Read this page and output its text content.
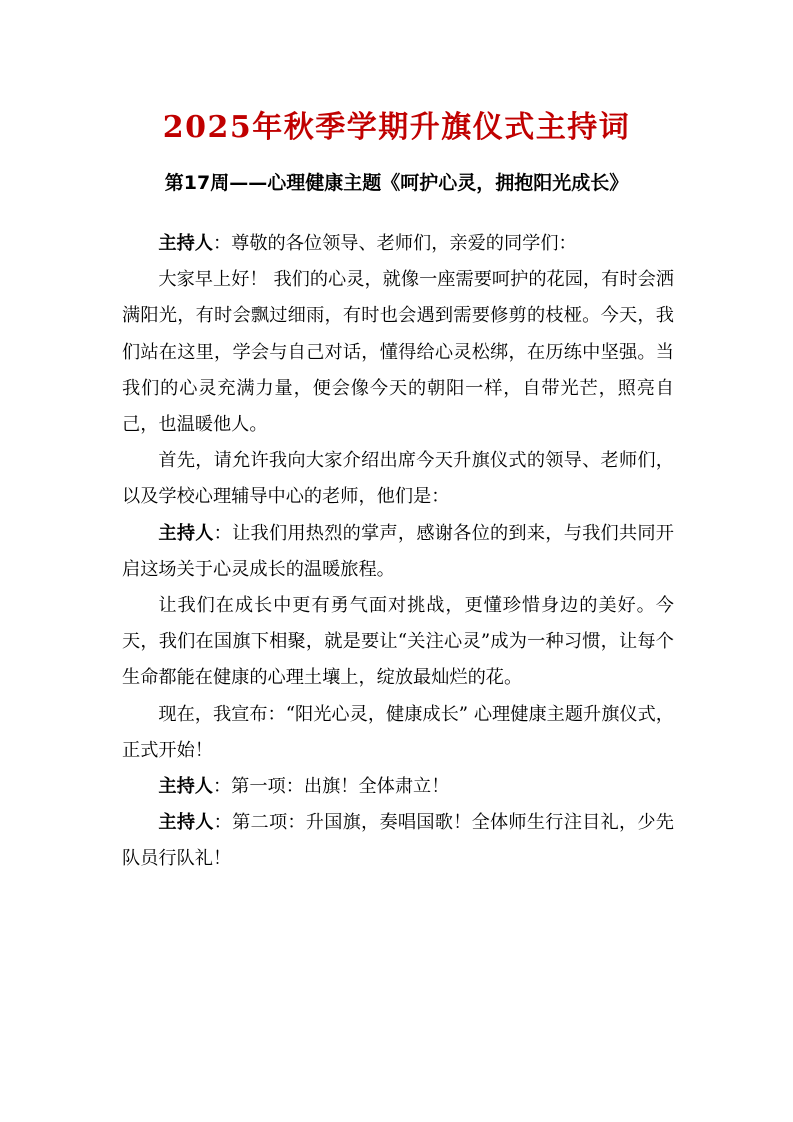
2025年秋季学期升旗仪式主持词
第17周——心理健康主题《呵护心灵，拥抱阳光成长》

主持人：尊敬的各位领导、老师们，亲爱的同学们：

大家早上好！ 我们的心灵，就像一座需要呵护的花园，有时会洒满阳光，有时会飘过细雨，有时也会遇到需要修剪的枝桠。今天，我们站在这里，学会与自己对话，懂得给心灵松绑，在历练中坚强。当我们的心灵充满力量，便会像今天的朝阳一样，自带光芒，照亮自己，也温暖他人。

首先，请允许我向大家介绍出席今天升旗仪式的领导、老师们，以及学校心理辅导中心的老师，他们是：

主持人：让我们用热烈的掌声，感谢各位的到来，与我们共同开启这场关于心灵成长的温暖旅程。

让我们在成长中更有勇气面对挑战，更懂珍惜身边的美好。今天，我们在国旗下相聚，就是要让“关注心灵”成为一种习惯，让每个生命都能在健康的心理土壤上，绽放最灿烂的花。

现在，我宣布：“阳光心灵，健康成长” 心理健康主题升旗仪式，正式开始！

主持人：第一项：出旗！全体肃立！

主持人：第二项：升国旗，奏唱国歌！全体师生行注目礼，少先队员行队礼！
